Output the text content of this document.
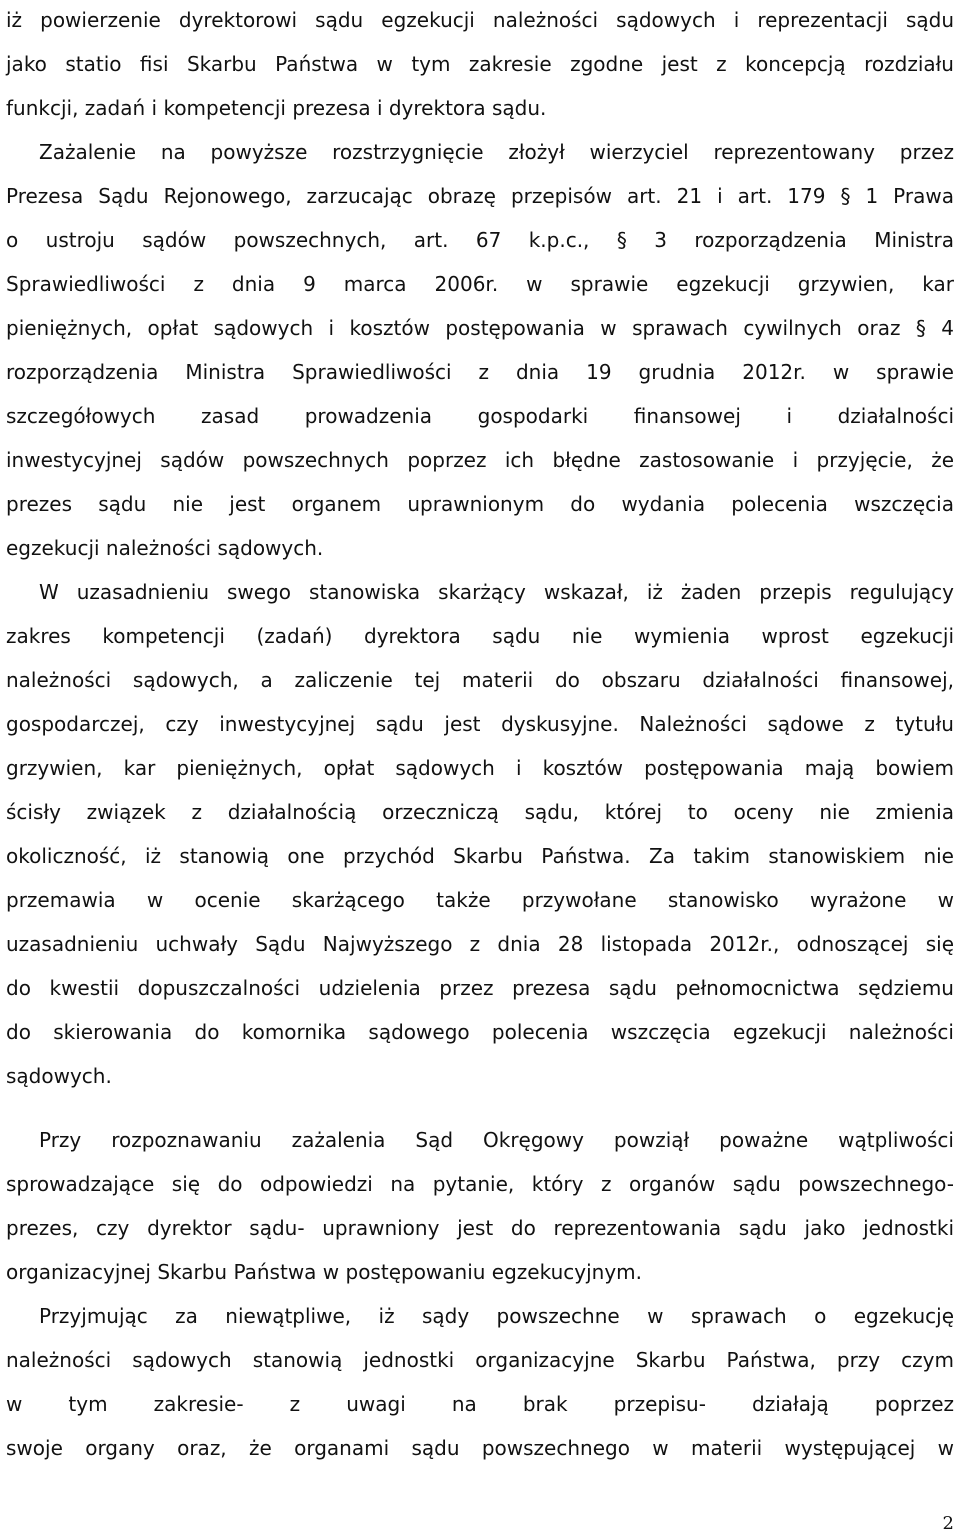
iż powierzenie dyrektorowi sądu egzekucji należności sądowych i reprezentacji sądu
jako statio fisi Skarbu Państwa w tym zakresie zgodne jest z koncepcją rozdziału
funkcji, zadań i kompetencji prezesa i dyrektora sądu.
Zażalenie na powyższe rozstrzygnięcie złożył wierzyciel reprezentowany przez
Prezesa Sądu Rejonowego, zarzucając obrazę przepisów art. 21 i art. 179 § 1 Prawa
o ustroju sądów powszechnych, art. 67 k.p.c., § 3 rozporządzenia Ministra
Sprawiedliwości z dnia 9 marca 2006r. w sprawie egzekucji grzywien, kar
pieniężnych, opłat sądowych i kosztów postępowania w sprawach cywilnych oraz § 4
rozporządzenia Ministra Sprawiedliwości z dnia 19 grudnia 2012r. w sprawie
szczegółowych zasad prowadzenia gospodarki finansowej i działalności
inwestycyjnej sądów powszechnych poprzez ich błędne zastosowanie i przyjęcie, że
prezes sądu nie jest organem uprawnionym do wydania polecenia wszczęcia
egzekucji należności sądowych.
W uzasadnieniu swego stanowiska skarżący wskazał, iż żaden przepis regulujący
zakres kompetencji (zadań) dyrektora sądu nie wymienia wprost egzekucji
należności sądowych, a zaliczenie tej materii do obszaru działalności finansowej,
gospodarczej, czy inwestycyjnej sądu jest dyskusyjne. Należności sądowe z tytułu
grzywien, kar pieniężnych, opłat sądowych i kosztów postępowania mają bowiem
ścisły związek z działalnością orzeczniczą sądu, której to oceny nie zmienia
okoliczność, iż stanowią one przychód Skarbu Państwa. Za takim stanowiskiem nie
przemawia w ocenie skarżącego także przywołane stanowisko wyrażone w
uzasadnieniu uchwały Sądu Najwyższego z dnia 28 listopada 2012r., odnoszącej się
do kwestii dopuszczalności udzielenia przez prezesa sądu pełnomocnictwa sędziemu
do skierowania do komornika sądowego polecenia wszczęcia egzekucji należności
sądowych.
Przy rozpoznawaniu zażalenia Sąd Okręgowy powziął poważne wątpliwości
sprowadzające się do odpowiedzi na pytanie, który z organów sądu powszechnego-
prezes, czy dyrektor sądu- uprawniony jest do reprezentowania sądu jako jednostki
organizacyjnej Skarbu Państwa w postępowaniu egzekucyjnym.
Przyjmując za niewątpliwe, iż sądy powszechne w sprawach o egzekucję
należności sądowych stanowią jednostki organizacyjne Skarbu Państwa, przy czym
w tym zakresie- z uwagi na brak przepisu- działają poprzez
swoje organy oraz, że organami sądu powszechnego w materii występującej w
2
